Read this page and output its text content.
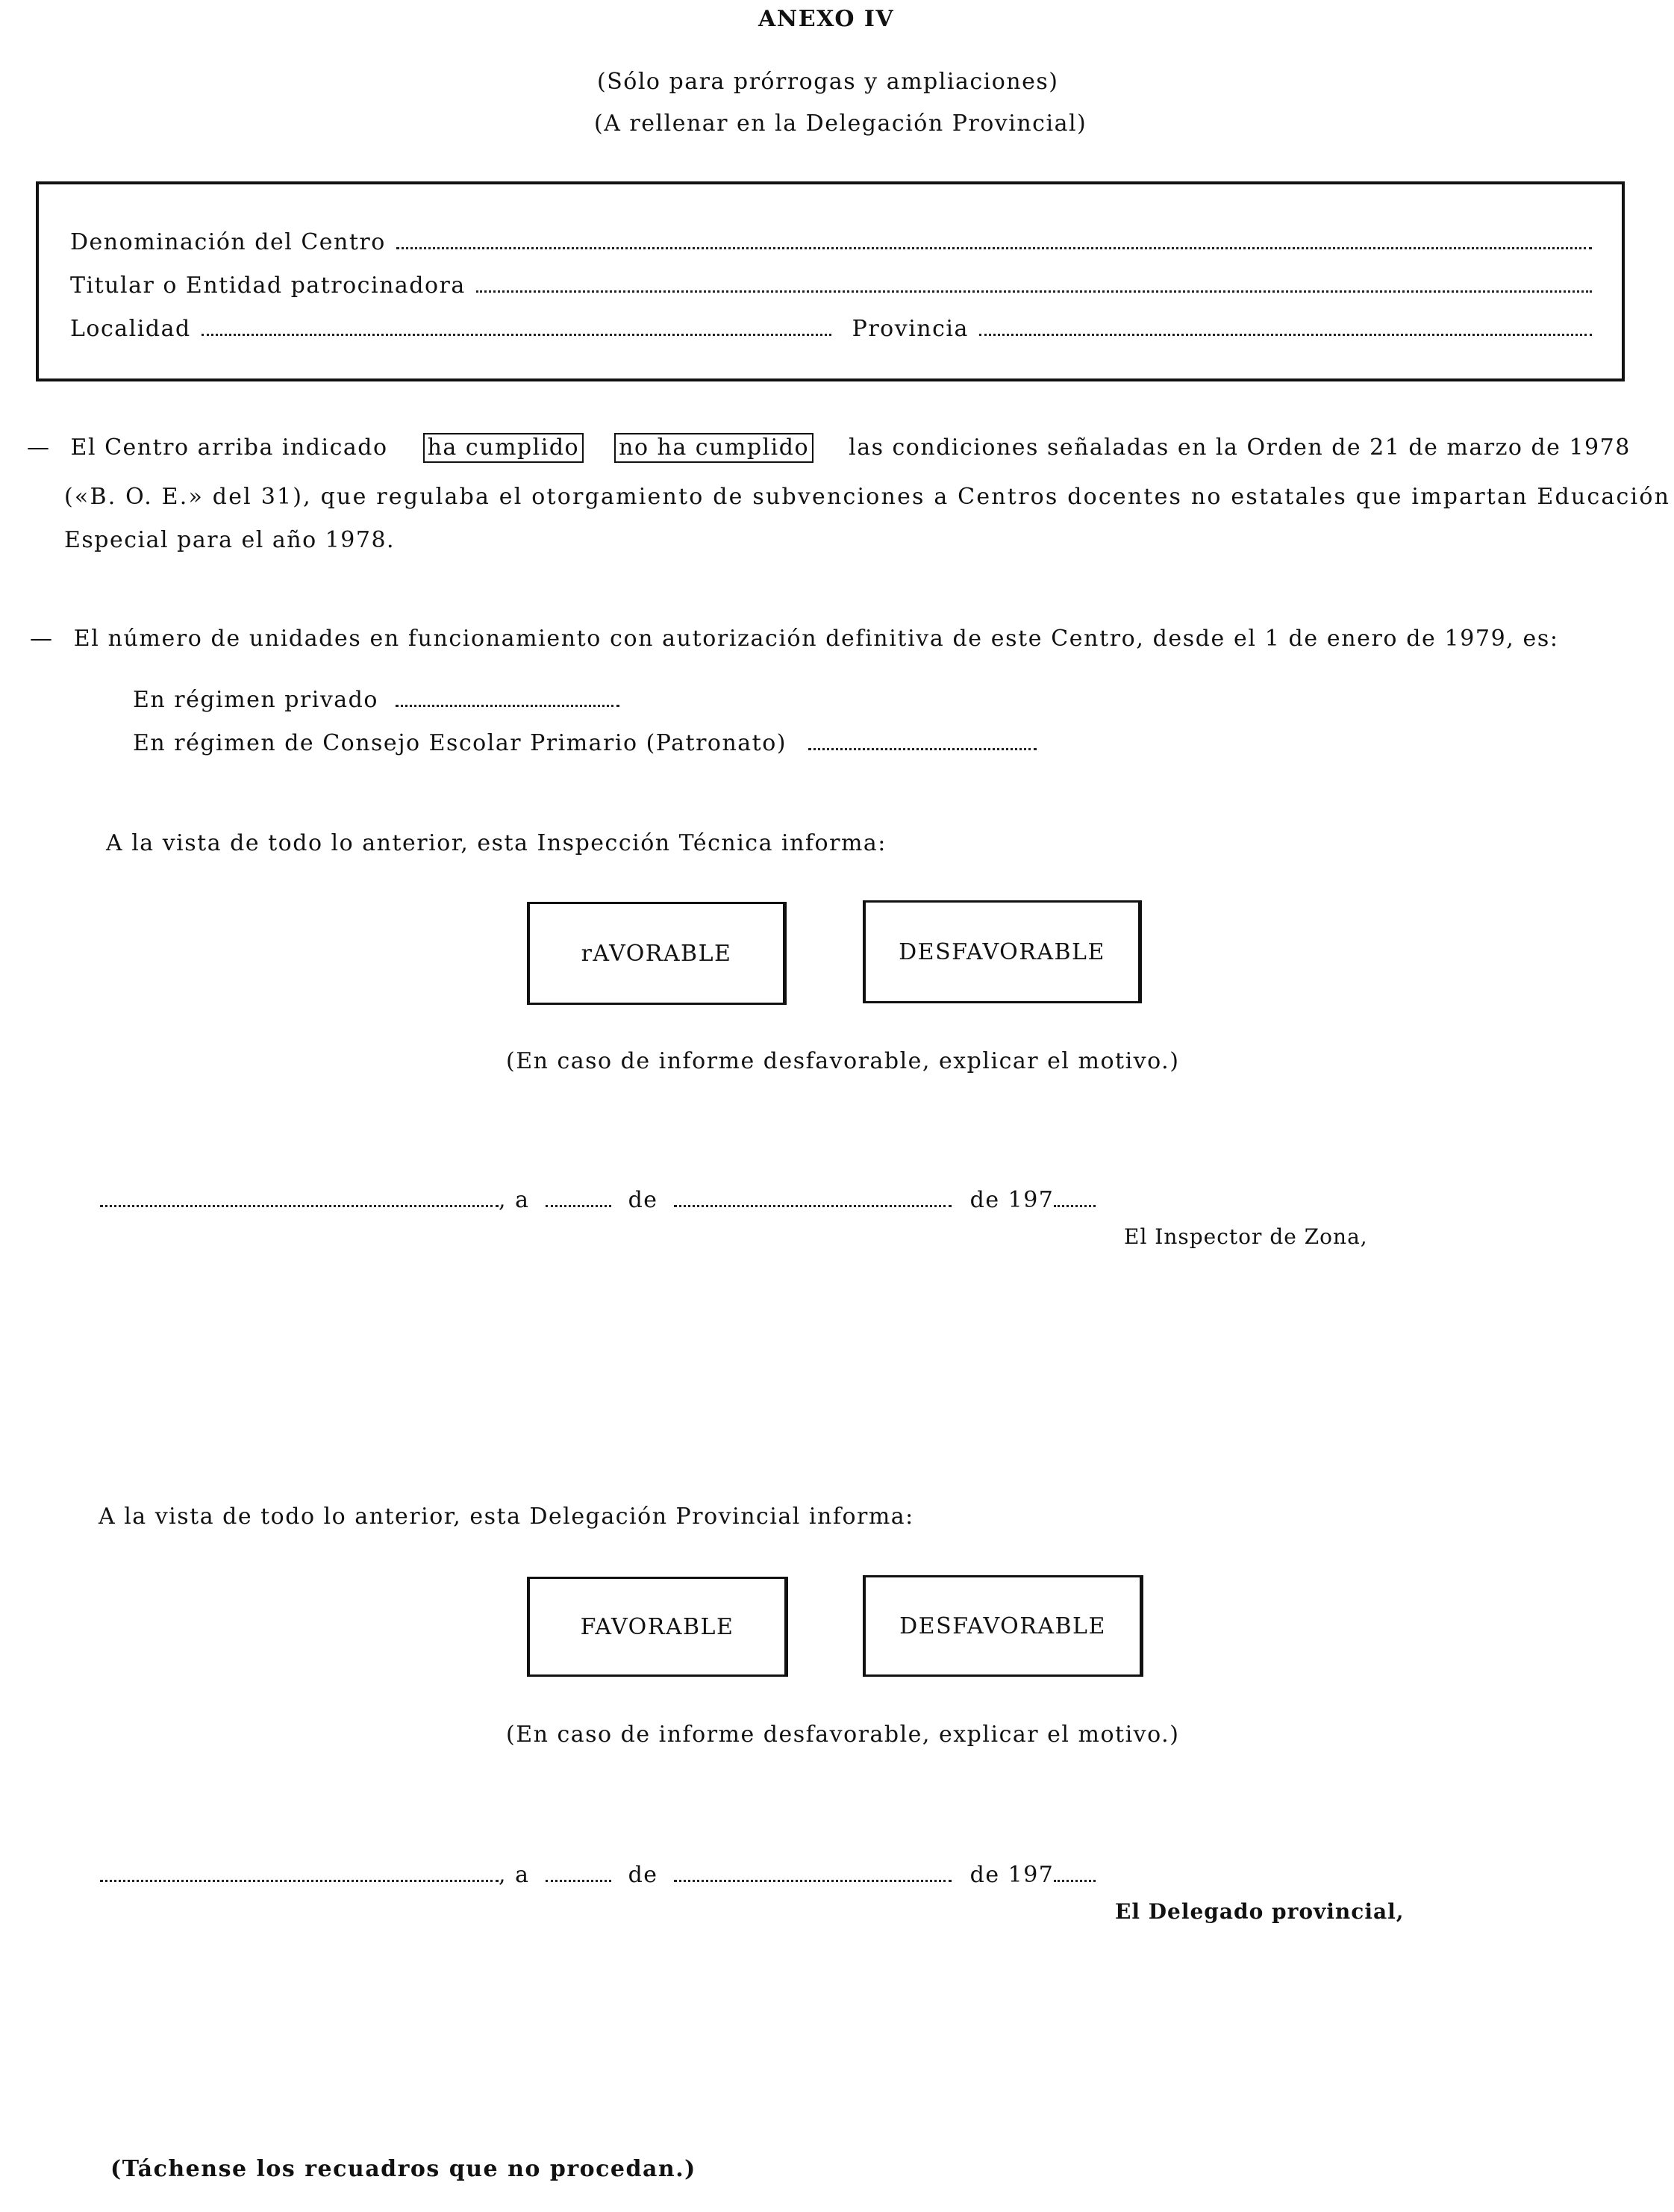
ANEXO IV
(Sólo para prórrogas y ampliaciones)
(A rellenar en la Delegación Provincial)
Denominación del Centro
Titular o Entidad patrocinadora
Localidad	Provincia
— El Centro arriba indicado ha cumplido no ha cumplido las condiciones señaladas en la Orden de 21 de marzo de 1978
(«B. O. E.» del 31), que regulaba el otorgamiento de subvenciones a Centros docentes no estatales que impartan Educación
Especial para el año 1978.
— El número de unidades en funcionamiento con autorización definitiva de este Centro, desde el 1 de enero de 1979, es:
En régimen privado
En régimen de Consejo Escolar Primario (Patronato)
A la vista de todo lo anterior, esta Inspección Técnica informa:
rAVORABLE	DESFAVORABLE
(En caso de informe desfavorable, explicar el motivo.)
, a	de	de 197
El Inspector de Zona,
A la vista de todo lo anterior, esta Delegación Provincial informa:
FAVORABLE	DESFAVORABLE
(En caso de informe desfavorable, explicar el motivo.)
, a	de	de 197
El Delegado provincial,
(Táchense los recuadros que no procedan.)
